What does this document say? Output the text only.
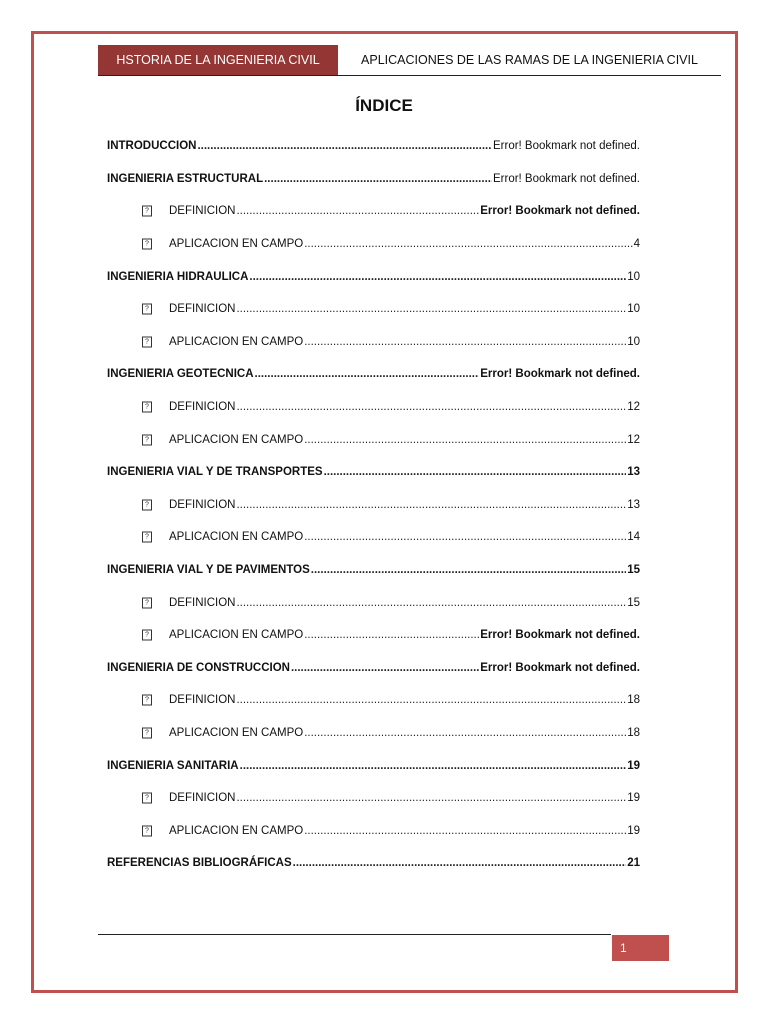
HSTORIA DE LA INGENIERIA CIVIL	APLICACIONES DE LAS RAMAS DE LA INGENIERIA CIVIL
ÍNDICE
INTRODUCCION .....	Error! Bookmark not defined.
INGENIERIA ESTRUCTURAL .....	Error! Bookmark not defined.
? DEFINICION .....	Error! Bookmark not defined.
? APLICACION EN CAMPO .....	4
INGENIERIA HIDRAULICA .....	10
? DEFINICION .....	10
? APLICACION EN CAMPO .....	10
INGENIERIA GEOTECNICA .....	Error! Bookmark not defined.
? DEFINICION .....	12
? APLICACION EN CAMPO .....	12
INGENIERIA VIAL Y DE TRANSPORTES .....	13
? DEFINICION .....	13
? APLICACION EN CAMPO .....	14
INGENIERIA VIAL Y DE PAVIMENTOS .....	15
? DEFINICION .....	15
? APLICACION EN CAMPO .....	Error! Bookmark not defined.
INGENIERIA DE CONSTRUCCION .....	Error! Bookmark not defined.
? DEFINICION .....	18
? APLICACION EN CAMPO .....	18
INGENIERIA SANITARIA .....	19
? DEFINICION .....	19
? APLICACION EN CAMPO .....	19
REFERENCIAS BIBLIOGRÁFICAS .....	21
1
